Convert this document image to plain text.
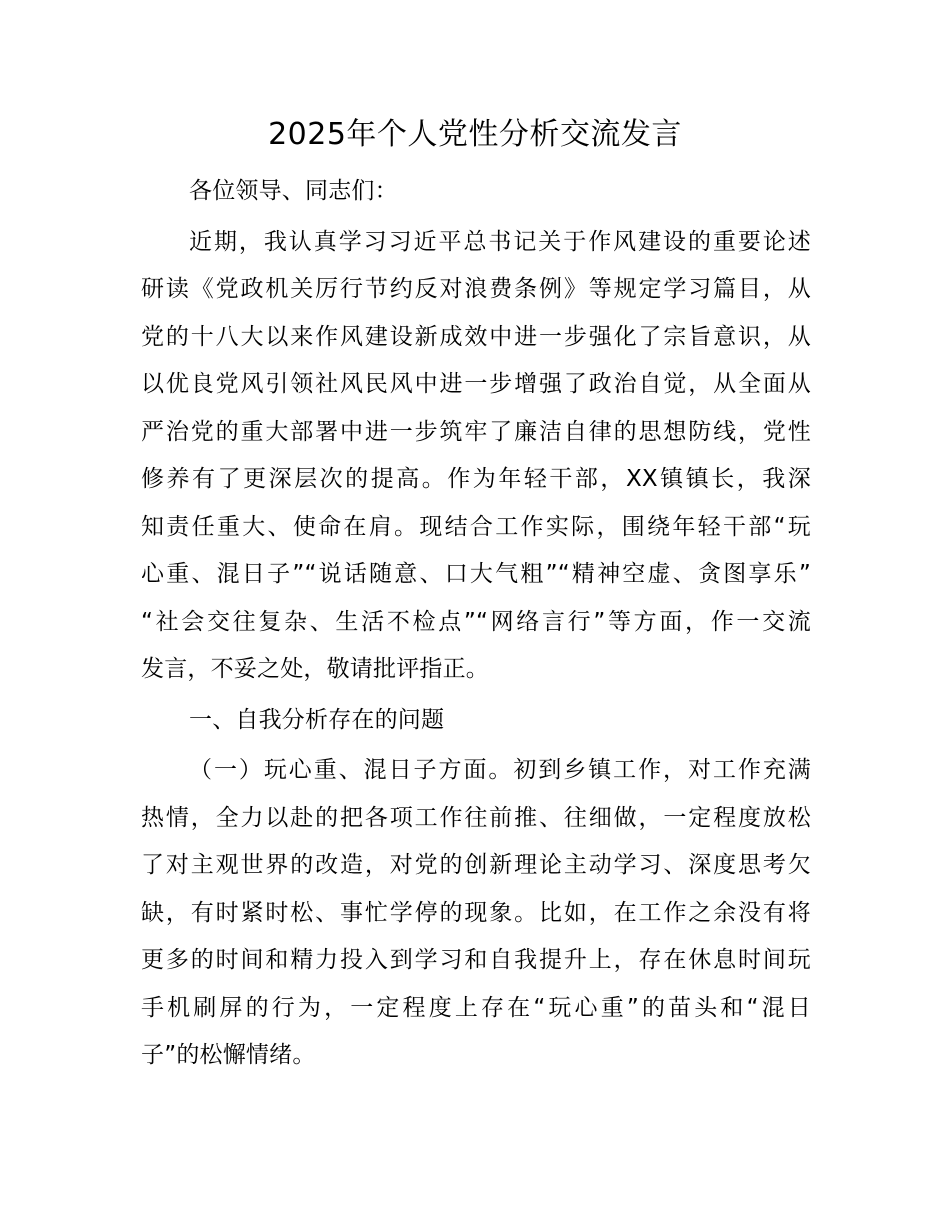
2025年个人党性分析交流发言
各位领导、同志们：
近期，我认真学习习近平总书记关于作风建设的重要论述
研读《党政机关厉行节约反对浪费条例》等规定学习篇目，从
党的十八大以来作风建设新成效中进一步强化了宗旨意识，从
以优良党风引领社风民风中进一步增强了政治自觉，从全面从
严治党的重大部署中进一步筑牢了廉洁自律的思想防线，党性
修养有了更深层次的提高。作为年轻干部，XX镇镇长，我深
知责任重大、使命在肩。现结合工作实际，围绕年轻干部“玩
心重、混日子”“说话随意、口大气粗”“精神空虚、贪图享乐”
“社会交往复杂、生活不检点”“网络言行”等方面，作一交流
发言，不妥之处，敬请批评指正。
一、自我分析存在的问题
（一）玩心重、混日子方面。初到乡镇工作，对工作充满
热情，全力以赴的把各项工作往前推、往细做，一定程度放松
了对主观世界的改造，对党的创新理论主动学习、深度思考欠
缺，有时紧时松、事忙学停的现象。比如，在工作之余没有将
更多的时间和精力投入到学习和自我提升上，存在休息时间玩
手机刷屏的行为，一定程度上存在“玩心重”的苗头和“混日
子”的松懈情绪。
